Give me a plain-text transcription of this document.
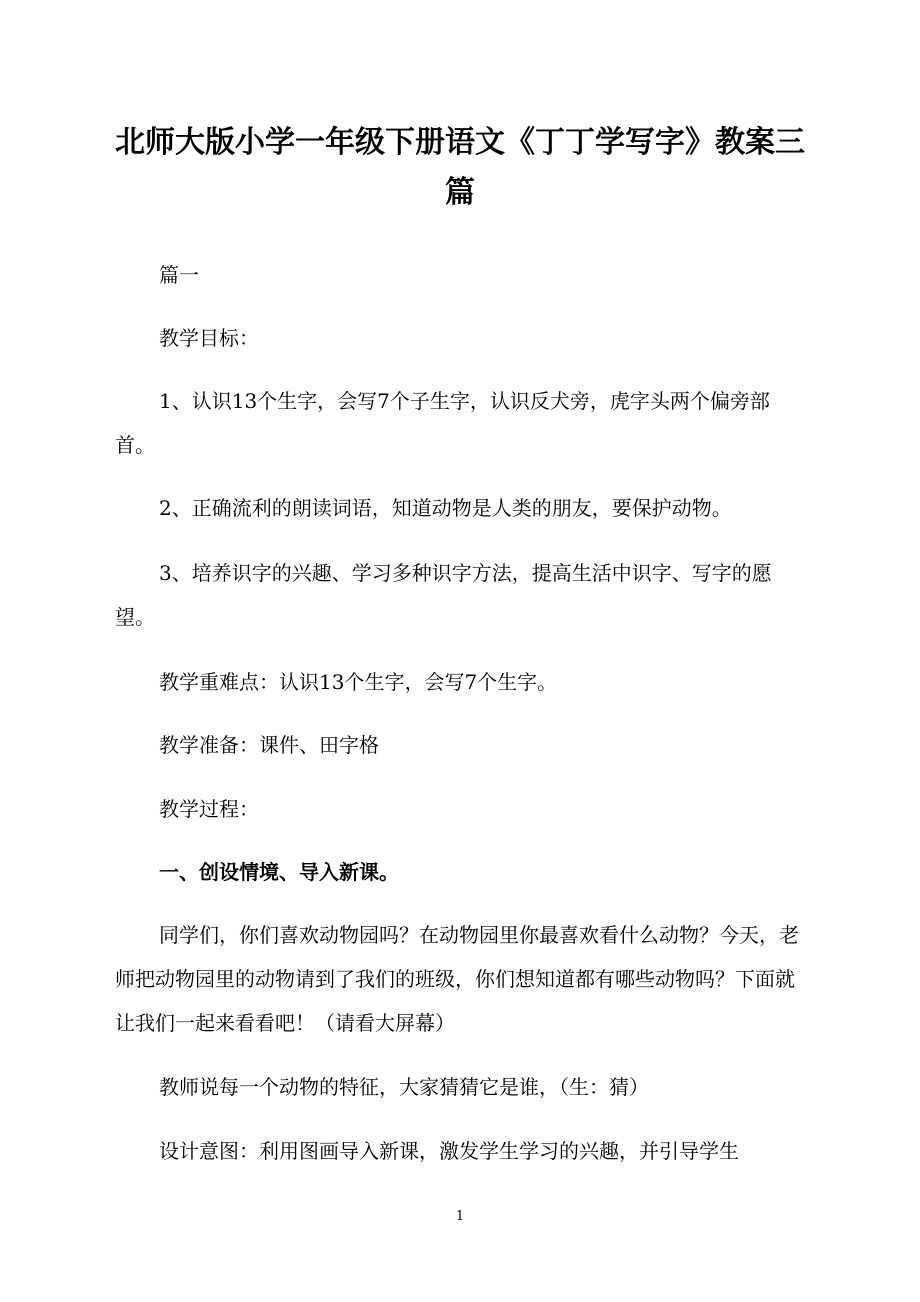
北师大版小学一年级下册语文《丁丁学写字》教案三篇

篇一

教学目标：

1、认识13个生字，会写7个子生字，认识反犬旁，虎字头两个偏旁部首。

2、正确流利的朗读词语，知道动物是人类的朋友，要保护动物。

3、培养识字的兴趣、学习多种识字方法，提高生活中识字、写字的愿望。

教学重难点：认识13个生字，会写7个生字。

教学准备：课件、田字格

教学过程：

一、创设情境、导入新课。

同学们，你们喜欢动物园吗？在动物园里你最喜欢看什么动物？今天，老师把动物园里的动物请到了我们的班级，你们想知道都有哪些动物吗？下面就让我们一起来看看吧！（请看大屏幕）

教师说每一个动物的特征，大家猜猜它是谁，（生：猜）

设计意图：利用图画导入新课，激发学生学习的兴趣，并引导学生

1
